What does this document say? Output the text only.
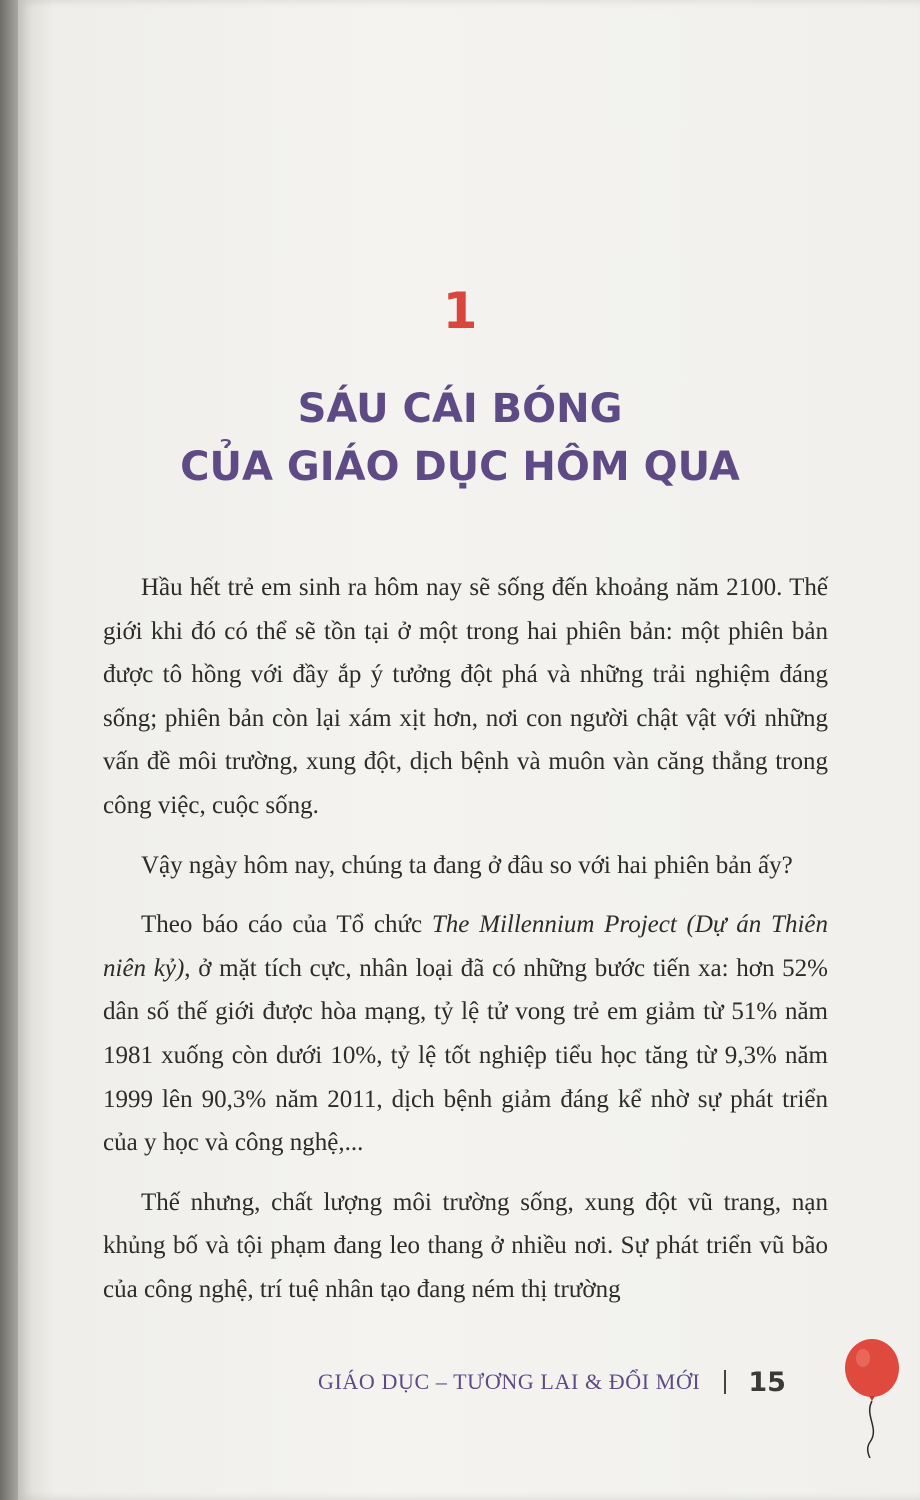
1
SÁU CÁI BÓNG
CỦA GIÁO DỤC HÔM QUA

Hầu hết trẻ em sinh ra hôm nay sẽ sống đến khoảng năm 2100. Thế giới khi đó có thể sẽ tồn tại ở một trong hai phiên bản: một phiên bản được tô hồng với đầy ắp ý tưởng đột phá và những trải nghiệm đáng sống; phiên bản còn lại xám xịt hơn, nơi con người chật vật với những vấn đề môi trường, xung đột, dịch bệnh và muôn vàn căng thẳng trong công việc, cuộc sống.

Vậy ngày hôm nay, chúng ta đang ở đâu so với hai phiên bản ấy?

Theo báo cáo của Tổ chức The Millennium Project (Dự án Thiên niên kỷ), ở mặt tích cực, nhân loại đã có những bước tiến xa: hơn 52% dân số thế giới được hòa mạng, tỷ lệ tử vong trẻ em giảm từ 51% năm 1981 xuống còn dưới 10%, tỷ lệ tốt nghiệp tiểu học tăng từ 9,3% năm 1999 lên 90,3% năm 2011, dịch bệnh giảm đáng kể nhờ sự phát triển của y học và công nghệ,...

Thế nhưng, chất lượng môi trường sống, xung đột vũ trang, nạn khủng bố và tội phạm đang leo thang ở nhiều nơi. Sự phát triển vũ bão của công nghệ, trí tuệ nhân tạo đang ném thị trường

GIÁO DỤC – TƯƠNG LAI & ĐỔI MỚI 15
